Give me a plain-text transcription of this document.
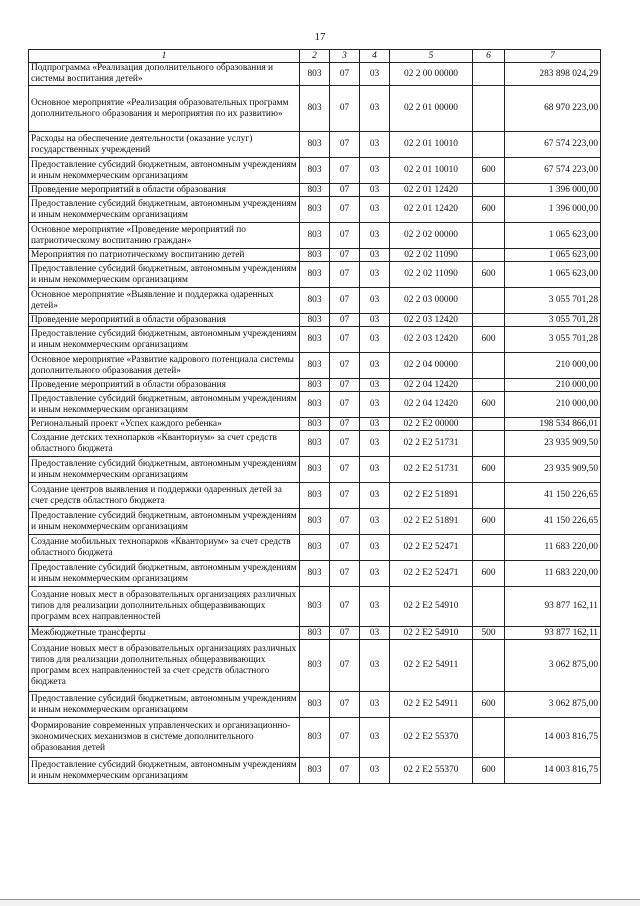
17
1	2	3	4	5	6	7
Подпрограмма «Реализация дополнительного образования и системы воспитания детей»	803	07	03	02 2 00 00000		283 898 024,29
Основное мероприятие «Реализация образовательных программ дополнительного образования и мероприятия по их развитию»	803	07	03	02 2 01 00000		68 970 223,00
Расходы на обеспечение деятельности (оказание услуг) государственных учреждений	803	07	03	02 2 01 10010		67 574 223,00
Предоставление субсидий бюджетным, автономным учреждениям и иным некоммерческим организациям	803	07	03	02 2 01 10010	600	67 574 223,00
Проведение мероприятий в области образования	803	07	03	02 2 01 12420		1 396 000,00
Предоставление субсидий бюджетным, автономным учреждениям и иным некоммерческим организациям	803	07	03	02 2 01 12420	600	1 396 000,00
Основное мероприятие «Проведение мероприятий по патриотическому воспитанию граждан»	803	07	03	02 2 02 00000		1 065 623,00
Мероприятия по патриотическому воспитанию детей	803	07	03	02 2 02 11090		1 065 623,00
Предоставление субсидий бюджетным, автономным учреждениям и иным некоммерческим организациям	803	07	03	02 2 02 11090	600	1 065 623,00
Основное мероприятие «Выявление и поддержка одаренных детей»	803	07	03	02 2 03 00000		3 055 701,28
Проведение мероприятий в области образования	803	07	03	02 2 03 12420		3 055 701,28
Предоставление субсидий бюджетным, автономным учреждениям и иным некоммерческим организациям	803	07	03	02 2 03 12420	600	3 055 701,28
Основное мероприятие «Развитие кадрового потенциала системы дополнительного образования детей»	803	07	03	02 2 04 00000		210 000,00
Проведение мероприятий в области образования	803	07	03	02 2 04 12420		210 000,00
Предоставление субсидий бюджетным, автономным учреждениям и иным некоммерческим организациям	803	07	03	02 2 04 12420	600	210 000,00
Региональный проект «Успех каждого ребенка»	803	07	03	02 2 E2 00000		198 534 866,01
Создание детских технопарков «Кванториум» за счет средств областного бюджета	803	07	03	02 2 E2 51731		23 935 909,50
Предоставление субсидий бюджетным, автономным учреждениям и иным некоммерческим организациям	803	07	03	02 2 E2 51731	600	23 935 909,50
Создание центров выявления и поддержки одаренных детей за счет средств областного бюджета	803	07	03	02 2 E2 51891		41 150 226,65
Предоставление субсидий бюджетным, автономным учреждениям и иным некоммерческим организациям	803	07	03	02 2 E2 51891	600	41 150 226,65
Создание мобильных технопарков «Кванториум» за счет средств областного бюджета	803	07	03	02 2 E2 52471		11 683 220,00
Предоставление субсидий бюджетным, автономным учреждениям и иным некоммерческим организациям	803	07	03	02 2 E2 52471	600	11 683 220,00
Создание новых мест в образовательных организациях различных типов для реализации дополнительных общеразвивающих программ всех направленностей	803	07	03	02 2 E2 54910		93 877 162,11
Межбюджетные трансферты	803	07	03	02 2 E2 54910	500	93 877 162,11
Создание новых мест в образовательных организациях различных типов для реализации дополнительных общеразвивающих программ всех направленностей за счет средств областного бюджета	803	07	03	02 2 E2 54911		3 062 875,00
Предоставление субсидий бюджетным, автономным учреждениям и иным некоммерческим организациям	803	07	03	02 2 E2 54911	600	3 062 875,00
Формирование современных управленческих и организационно-экономических механизмов в системе дополнительного образования детей	803	07	03	02 2 E2 55370		14 003 816,75
Предоставление субсидий бюджетным, автономным учреждениям и иным некоммерческим организациям	803	07	03	02 2 E2 55370	600	14 003 816,75
